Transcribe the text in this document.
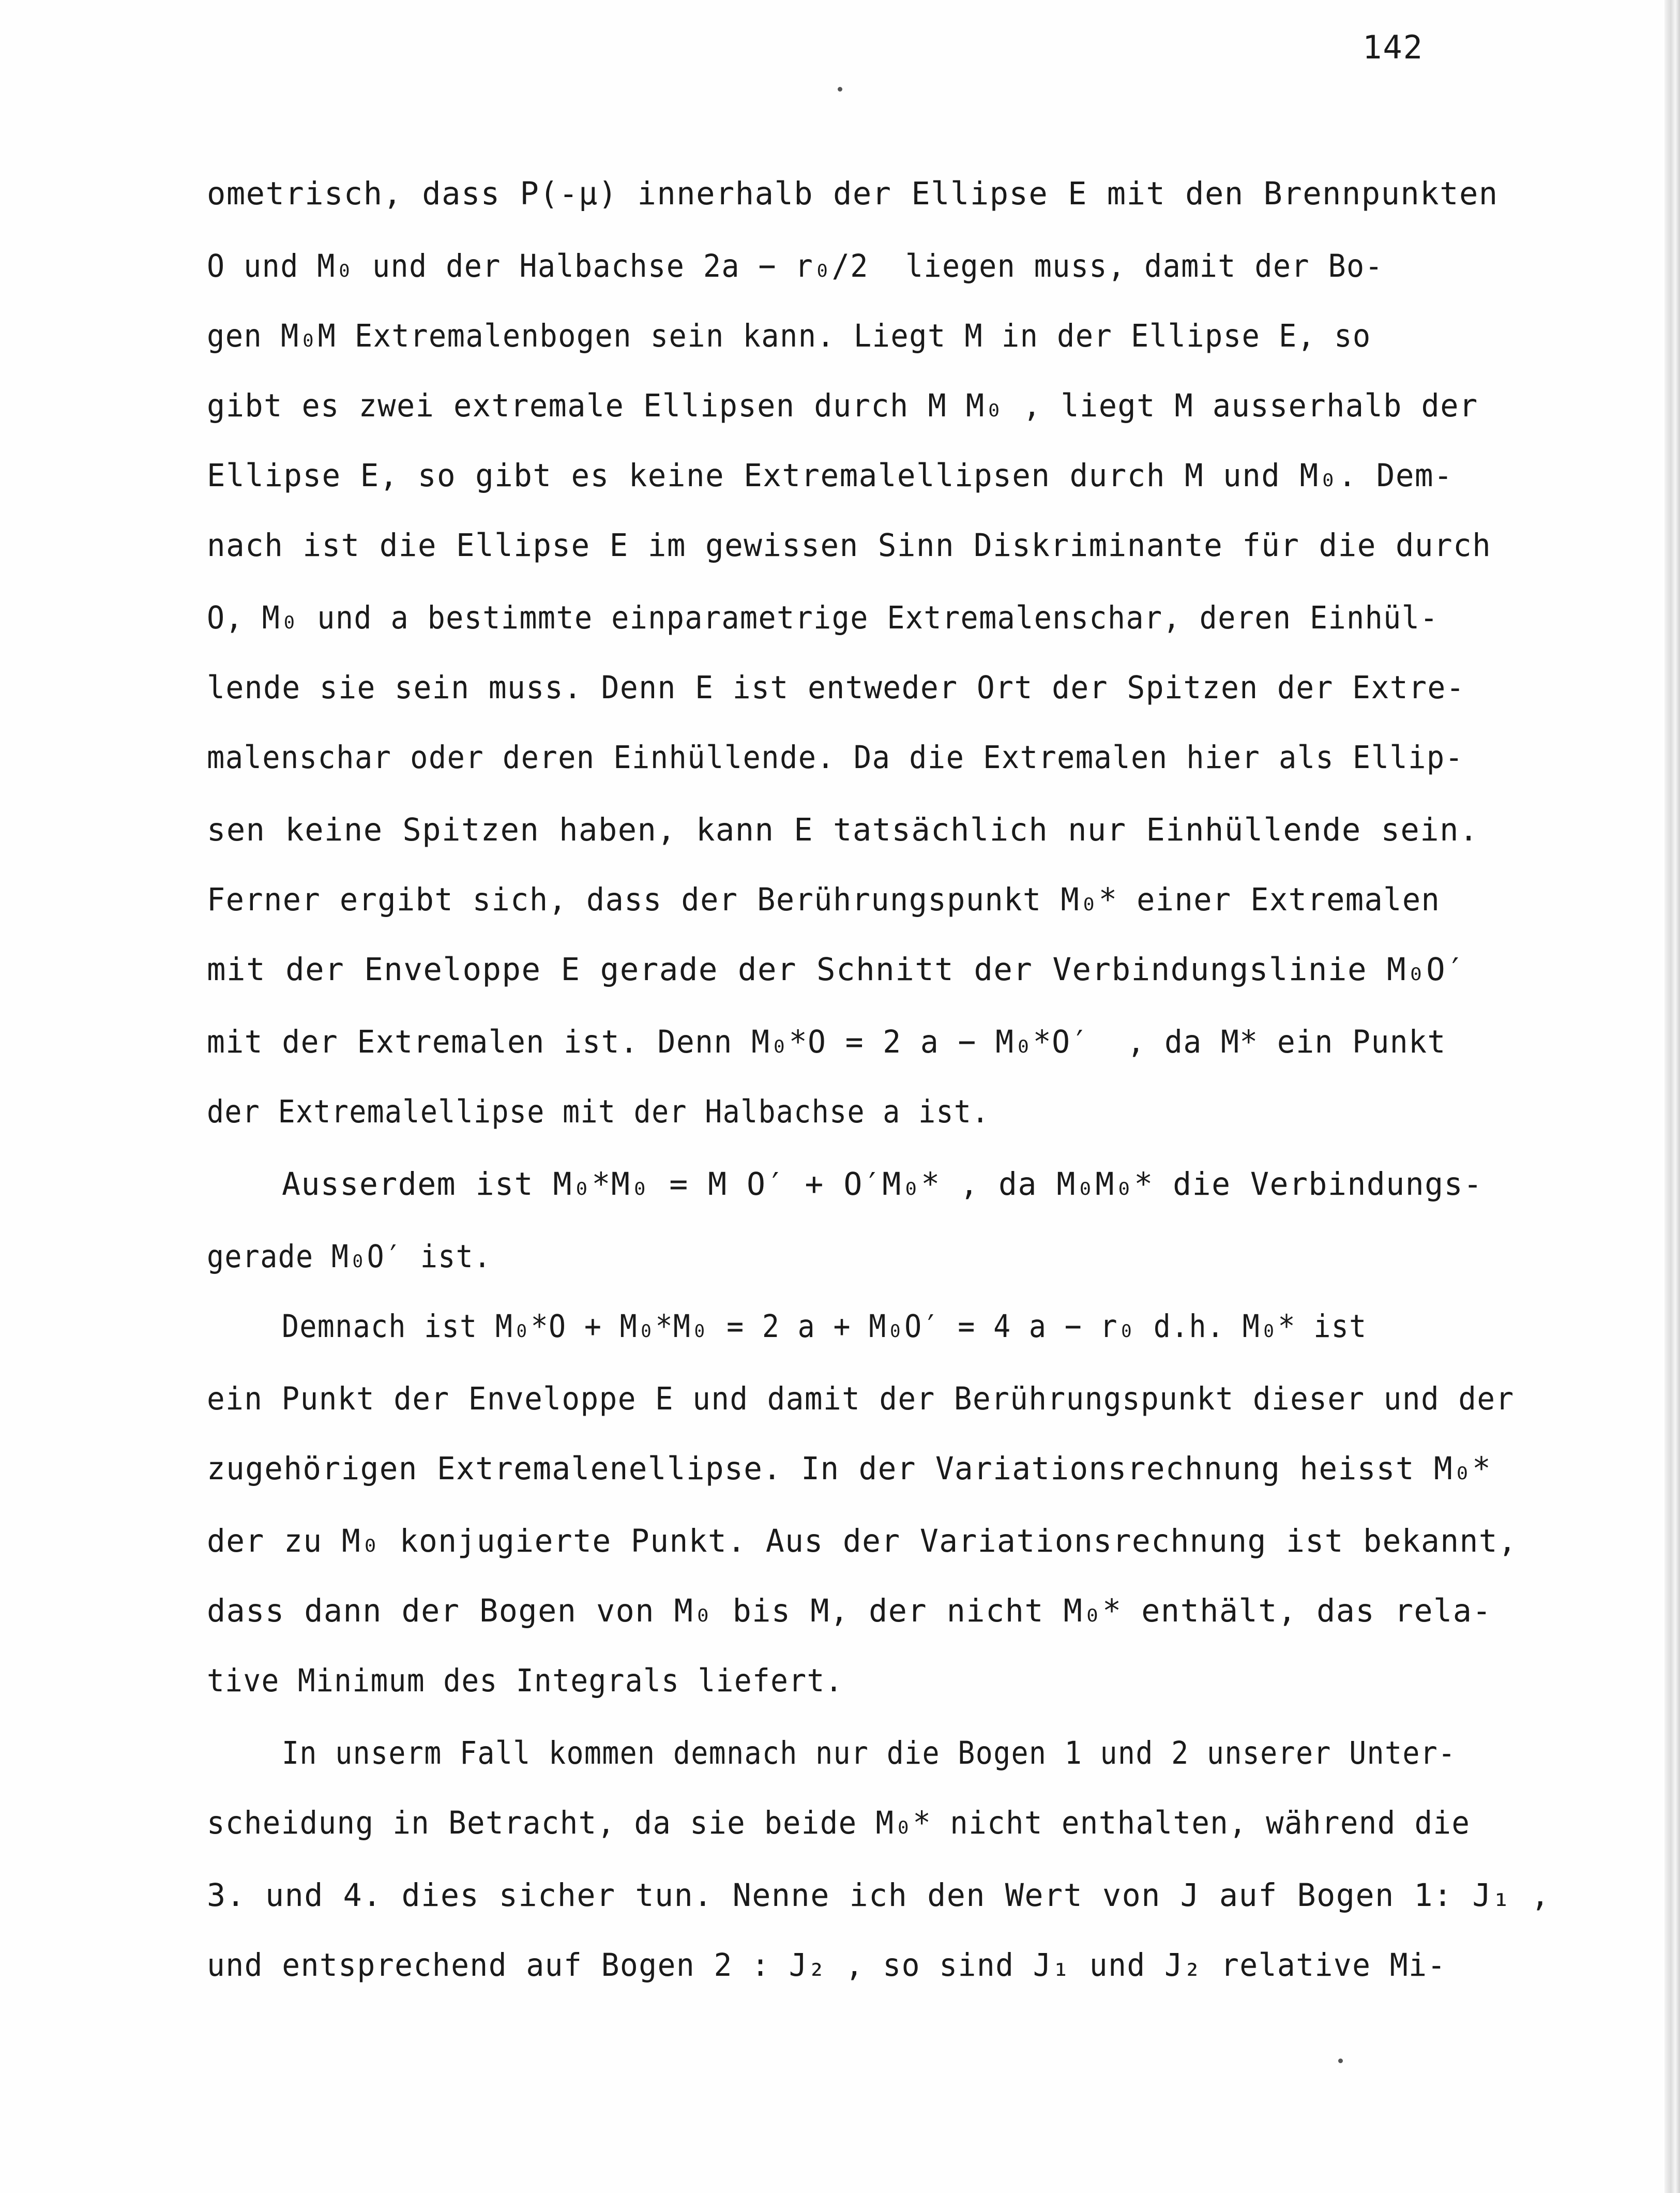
142
ometrisch, dass P(-μ) innerhalb der Ellipse E mit den Brennpunkten
O und M₀ und der Halbachse 2a − r₀/2  liegen muss, damit der Bo-
gen M₀M Extremalenbogen sein kann. Liegt M in der Ellipse E, so
gibt es zwei extremale Ellipsen durch M M₀ , liegt M ausserhalb der
Ellipse E, so gibt es keine Extremalellipsen durch M und M₀. Dem-
nach ist die Ellipse E im gewissen Sinn Diskriminante für die durch
O, M₀ und a bestimmte einparametrige Extremalenschar, deren Einhül-
lende sie sein muss. Denn E ist entweder Ort der Spitzen der Extre-
malenschar oder deren Einhüllende. Da die Extremalen hier als Ellip-
sen keine Spitzen haben, kann E tatsächlich nur Einhüllende sein.
Ferner ergibt sich, dass der Berührungspunkt M₀* einer Extremalen
mit der Enveloppe E gerade der Schnitt der Verbindungslinie M₀O′
mit der Extremalen ist. Denn M₀*O = 2 a − M₀*O′  , da M* ein Punkt
der Extremalellipse mit der Halbachse a ist.
Ausserdem ist M₀*M₀ = M O′ + O′M₀* , da M₀M₀* die Verbindungs-
gerade M₀O′ ist.
Demnach ist M₀*O + M₀*M₀ = 2 a + M₀O′ = 4 a − r₀ d.h. M₀* ist
ein Punkt der Enveloppe E und damit der Berührungspunkt dieser und der
zugehörigen Extremalenellipse. In der Variationsrechnung heisst M₀*
der zu M₀ konjugierte Punkt. Aus der Variationsrechnung ist bekannt,
dass dann der Bogen von M₀ bis M, der nicht M₀* enthält, das rela-
tive Minimum des Integrals liefert.
In unserm Fall kommen demnach nur die Bogen 1 und 2 unserer Unter-
scheidung in Betracht, da sie beide M₀* nicht enthalten, während die
3. und 4. dies sicher tun. Nenne ich den Wert von J auf Bogen 1: J₁ ,
und entsprechend auf Bogen 2 : J₂ , so sind J₁ und J₂ relative Mi-
